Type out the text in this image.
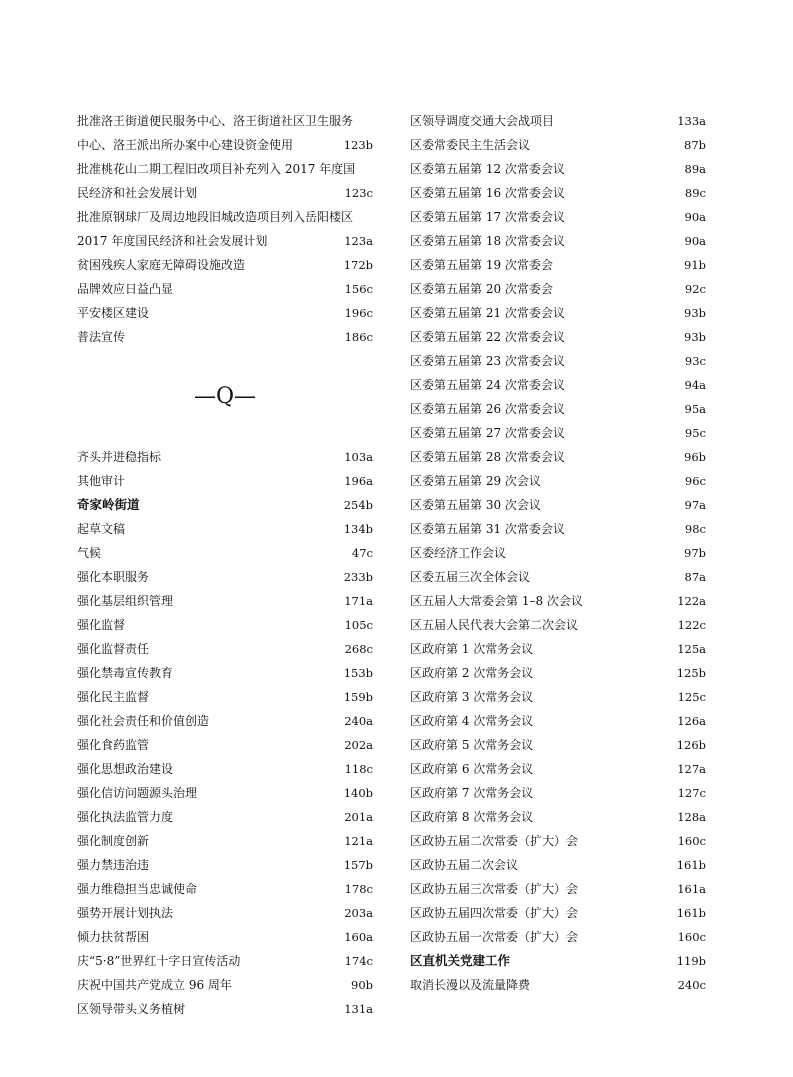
批准洛王街道便民服务中心、洛王街道社区卫生服务
中心、洛王派出所办案中心建设资金使用	123b
批准桃花山二期工程旧改项目补充列入 2017 年度国
民经济和社会发展计划	123c
批准原钢球厂及周边地段旧城改造项目列入岳阳楼区
2017 年度国民经济和社会发展计划	123a
贫困残疾人家庭无障碍设施改造	172b
品牌效应日益凸显	156c
平安楼区建设	196c
普法宣传	186c
—Q—
齐头并进稳指标	103a
其他审计	196a
奇家岭街道	254b
起草文稿	134b
气候	47c
强化本职服务	233b
强化基层组织管理	171a
强化监督	105c
强化监督责任	268c
强化禁毒宣传教育	153b
强化民主监督	159b
强化社会责任和价值创造	240a
强化食药监管	202a
强化思想政治建设	118c
强化信访问题源头治理	140b
强化执法监管力度	201a
强化制度创新	121a
强力禁违治违	157b
强力维稳担当忠诚使命	178c
强势开展计划执法	203a
倾力扶贫帮困	160a
庆“5·8”世界红十字日宣传活动	174c
庆祝中国共产党成立 96 周年	90b
区领导带头义务植树	131a
区领导调度交通大会战项目	133a
区委常委民主生活会议	87b
区委第五届第 12 次常委会议	89a
区委第五届第 16 次常委会议	89c
区委第五届第 17 次常委会议	90a
区委第五届第 18 次常委会议	90a
区委第五届第 19 次常委会	91b
区委第五届第 20 次常委会	92c
区委第五届第 21 次常委会议	93b
区委第五届第 22 次常委会议	93b
区委第五届第 23 次常委会议	93c
区委第五届第 24 次常委会议	94a
区委第五届第 26 次常委会议	95a
区委第五届第 27 次常委会议	95c
区委第五届第 28 次常委会议	96b
区委第五届第 29 次会议	96c
区委第五届第 30 次会议	97a
区委第五届第 31 次常委会议	98c
区委经济工作会议	97b
区委五届三次全体会议	87a
区五届人大常委会第 1–8 次会议	122a
区五届人民代表大会第二次会议	122c
区政府第 1 次常务会议	125a
区政府第 2 次常务会议	125b
区政府第 3 次常务会议	125c
区政府第 4 次常务会议	126a
区政府第 5 次常务会议	126b
区政府第 6 次常务会议	127a
区政府第 7 次常务会议	127c
区政府第 8 次常务会议	128a
区政协五届二次常委（扩大）会	160c
区政协五届二次会议	161b
区政协五届三次常委（扩大）会	161a
区政协五届四次常委（扩大）会	161b
区政协五届一次常委（扩大）会	160c
区直机关党建工作	119b
取消长漫以及流量降费	240c
